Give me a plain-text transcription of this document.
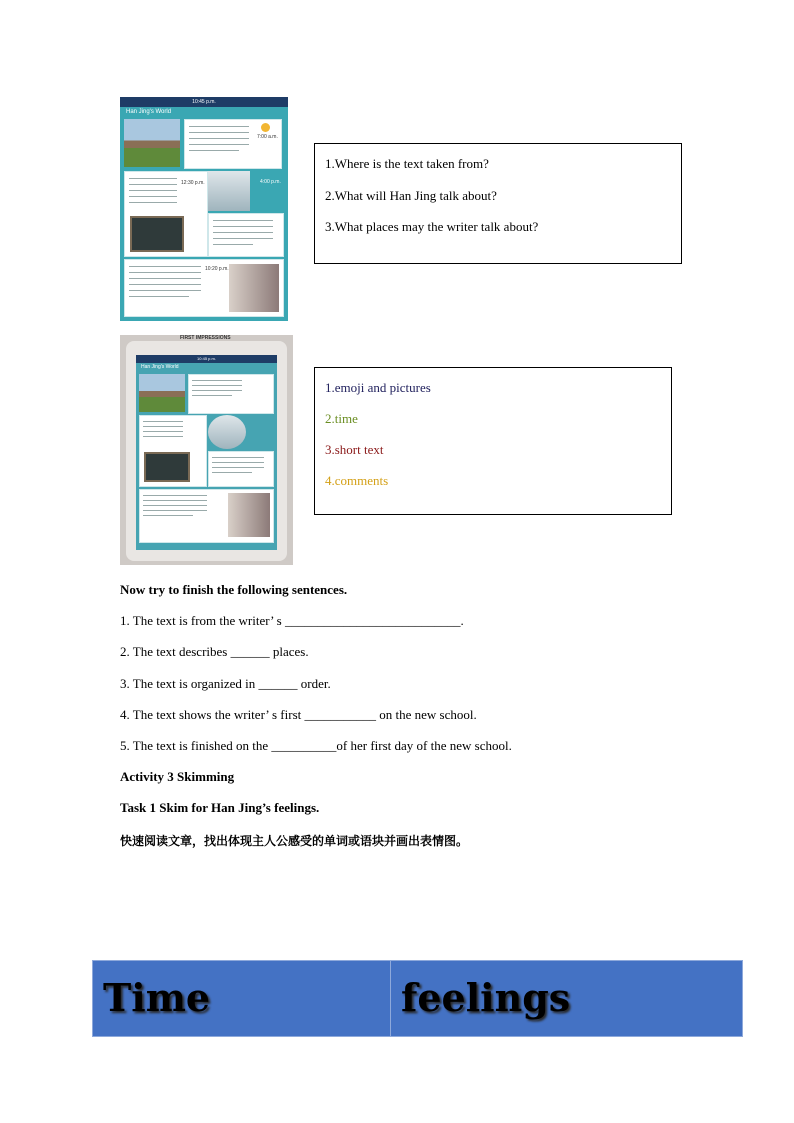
10:45 p.m.
Han Jing's World
7:00 a.m.
12:30 p.m.	4:00 p.m.
10:20 p.m.
1.Where is the text taken from?
2.What will Han Jing talk about?
3.What places may the writer talk about?
FIRST IMPRESSIONS
10:45 p.m.
Han Jing's World
1.emoji and pictures
2.time
3.short text
4.comments
Now try to finish the following sentences.
1. The text is from the writer’ s ___________________________.
2. The text describes ______ places.
3. The text is organized in ______ order.
4. The text shows the writer’ s first ___________ on the new school.
5. The text is finished on the __________of her first day of the new school.
Activity 3 Skimming
Task 1 Skim for Han Jing’s feelings.
快速阅读文章，找出体现主人公感受的单词或语块并画出表情图。
Time	feelings
